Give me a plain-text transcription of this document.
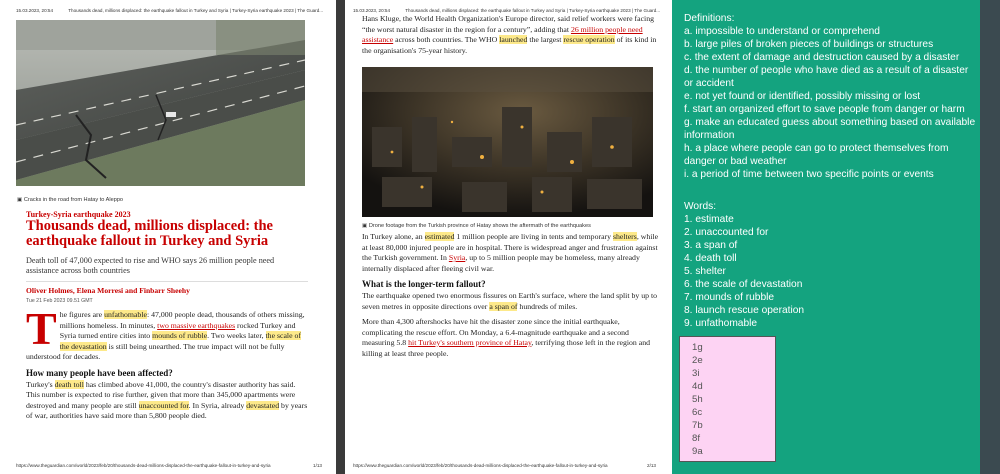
15.03.2023, 20:54	Thousands dead, millions displaced: the earthquake fallout in Turkey and Syria | Turkey-Syria earthquake 2023 | The Guard...
▣ Cracks in the road from Hatay to Aleppo
Turkey-Syria earthquake 2023
Thousands dead, millions displaced: the earthquake fallout in Turkey and Syria
Death toll of 47,000 expected to rise and WHO says 26 million people need assistance across both countries
Oliver Holmes, Elena Morresi and Finbarr Sheehy
Tue 21 Feb 2023 09.51 GMT

The figures are unfathomable: 47,000 people dead, thousands of others missing, millions homeless. In minutes, two massive earthquakes rocked Turkey and Syria turned entire cities into mounds of rubble. Two weeks later, the scale of the devastation is still being unearthed. The true impact will not be fully understood for decades.

How many people have been affected?

Turkey's death toll has climbed above 41,000, the country's disaster authority has said. This number is expected to rise further, given that more than 345,000 apartments were destroyed and many people are still unaccounted for. In Syria, already devastated by years of war, authorities have said more than 5,800 people died.

https://www.theguardian.com/world/2023/feb/20/thousands-dead-millions-displaced-the-earthquake-fallout-in-turkey-and-syria	1/13
15.03.2023, 20:54	Thousands dead, millions displaced: the earthquake fallout in Turkey and Syria | Turkey-Syria earthquake 2023 | The Guard...

Hans Kluge, the World Health Organization's Europe director, said relief workers were facing “the worst natural disaster in the region for a century”, adding that 26 million people need assistance across both countries. The WHO launched the largest rescue operation of its kind in the organisation's 75-year history.

▣ Drone footage from the Turkish province of Hatay shows the aftermath of the earthquakes

In Turkey alone, an estimated 1 million people are living in tents and temporary shelters, while at least 80,000 injured people are in hospital. There is widespread anger and frustration against the Turkish government. In Syria, up to 5 million people may be homeless, many already internally displaced after fleeing civil war.

What is the longer-term fallout?

The earthquake opened two enormous fissures on Earth's surface, where the land split by up to seven metres in opposite directions over a span of hundreds of miles.

More than 4,300 aftershocks have hit the disaster zone since the initial earthquake, complicating the rescue effort. On Monday, a 6.4-magnitude earthquake and a second measuring 5.8 hit Turkey's southern province of Hatay, terrifying those left in the region and killing at least three people.

https://www.theguardian.com/world/2023/feb/20/thousands-dead-millions-displaced-the-earthquake-fallout-in-turkey-and-syria	2/13
Definitions:
a. impossible to understand or comprehend
b. large piles of broken pieces of buildings or structures
c. the extent of damage and destruction caused by a disaster
d. the number of people who have died as a result of a disaster or accident
e. not yet found or identified, possibly missing or lost
f. start an organized effort to save people from danger or harm
g. make an educated guess about something based on available information
h. a place where people can go to protect themselves from danger or bad weather
i. a period of time between two specific points or events
Words:
1. estimate
2. unaccounted for
3. a span of
4. death toll
5. shelter
6. the scale of devastation
7. mounds of rubble
8. launch rescue operation
9. unfathomable
1g
2e
3i
4d
5h
6c
7b
8f
9a
